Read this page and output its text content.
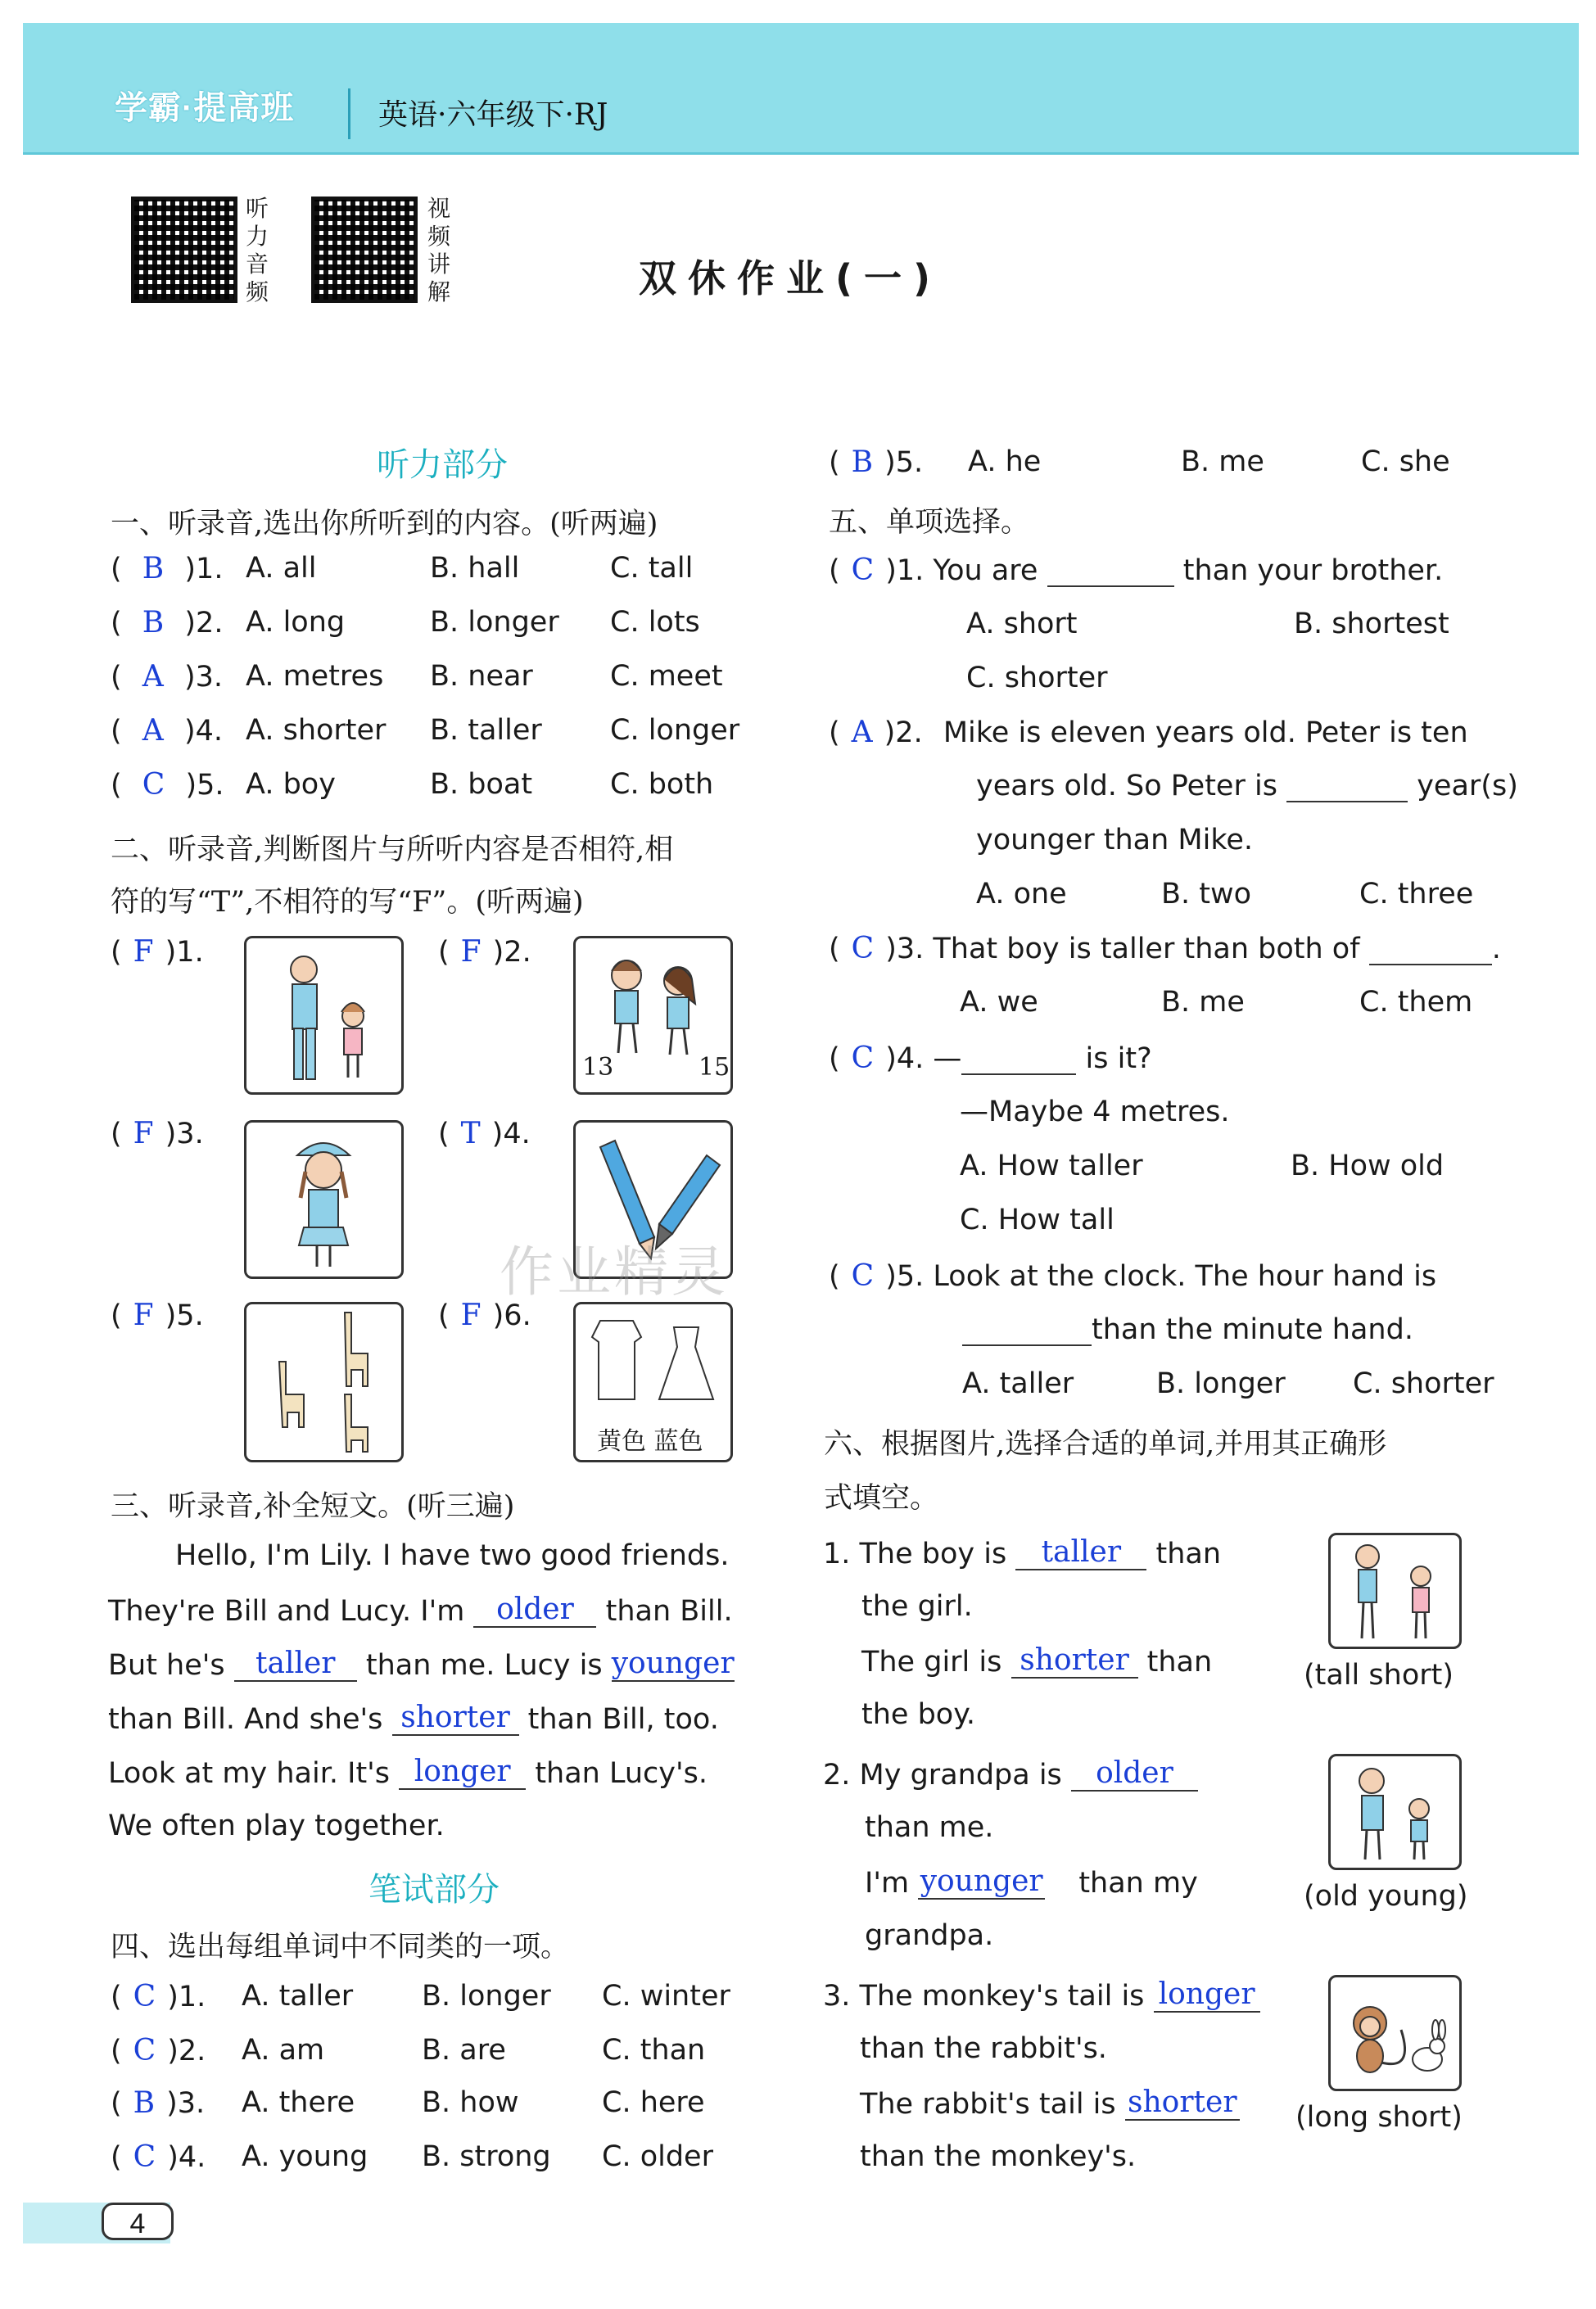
学霸·提高班	英语·六年级下·RJ
听力音频
视频讲解	双休作业(一)
听力部分
一、听录音,选出你所听到的内容。(听两遍)
( B )1. A. all	B. hall	C. tall
( B )2. A. long	B. longer C. lots
( A )3. A. metres B. near	C. meet
( A )4. A. shorter B. taller C. longer
( C )5. A. boy	B. boat	C. both
二、听录音,判断图片与所听内容是否相符,相
符的写“T”,不相符的写“F”。(听两遍)
( F )1.	( F )2.
13	15
( F )3.	( T )4.
( F )5.	( F )6.
黄色 蓝色
三、听录音,补全短文。(听三遍)
Hello, I'm Lily. I have two good friends.
They're Bill and Lucy. I'm older than Bill.
But he's taller than me. Lucy is younger
than Bill. And she's shorter than Bill, too.
Look at my hair. It's longer than Lucy's.
We often play together.
笔试部分
四、选出每组单词中不同类的一项。
( C )1. A. taller B. longer C. winter
( C )2. A. am	B. are	C. than
( B )3. A. there B. how	C. here
( C )4. A. young B. strong C. older
( B )5. A. he	B. me	C. she
五、单项选择。
( C )1. You are	than your brother.
A. short	B. shortest
C. shorter
( A )2. Mike is eleven years old. Peter is ten
years old. So Peter is	year(s)
younger than Mike.
A. one	B. two	C. three
( C )3. That boy is taller than both of	.
A. we	B. me	C. them
( C )4. —	is it?
—Maybe 4 metres.
A. How taller	B. How old
C. How tall
( C )5. Look at the clock. The hour hand is
than the minute hand.
A. taller	B. longer C. shorter
六、根据图片,选择合适的单词,并用其正确形
式填空。
1. The boy is taller than
the girl.
The girl is shorter than
the boy.
(tall short)
2. My grandpa is older
than me.
I'm younger than my
grandpa.
(old young)
3. The monkey's tail is longer
than the rabbit's.
The rabbit's tail is shorter
than the monkey's.
(long short)
作业精灵
4
